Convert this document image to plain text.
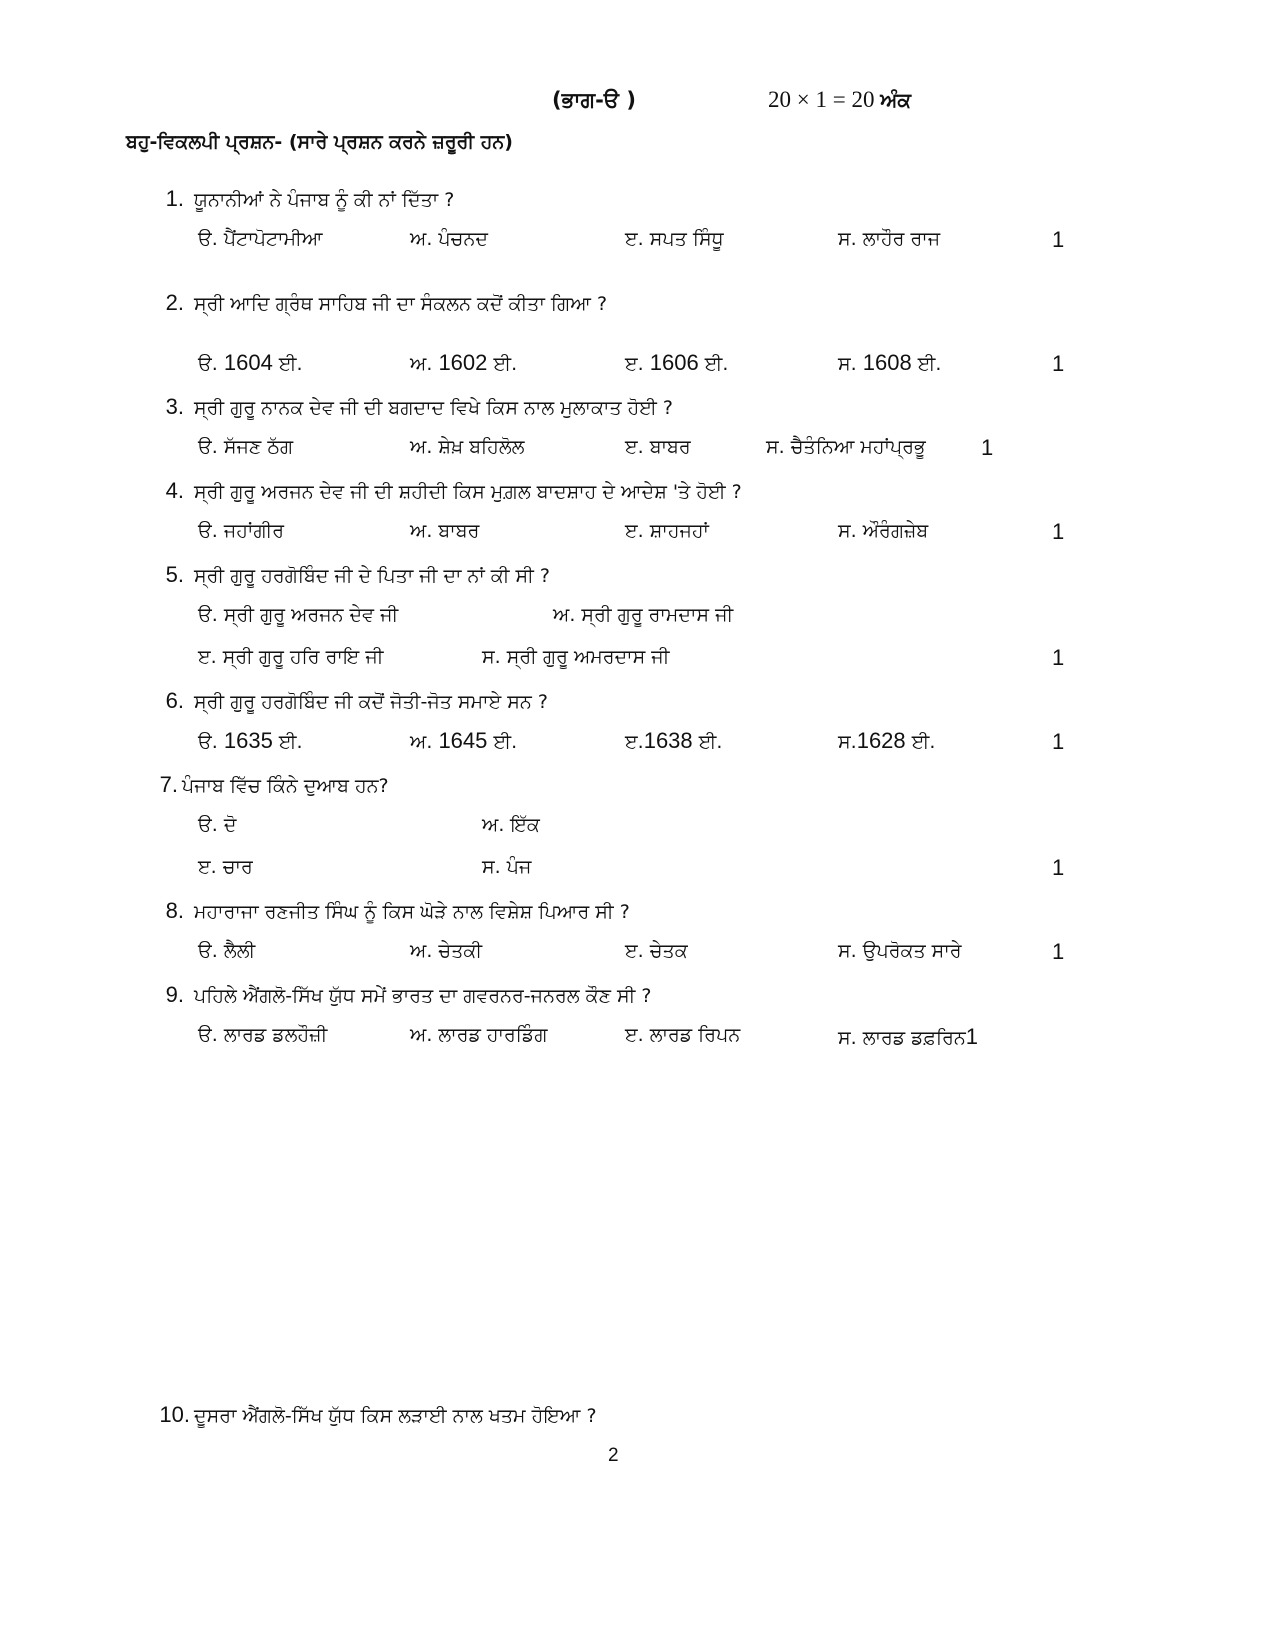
(ਭਾਗ-ੳ )	20 × 1 = 20 ਅੰਕ
ਬਹੁ-ਵਿਕਲਪੀ ਪ੍ਰਸ਼ਨ- (ਸਾਰੇ ਪ੍ਰਸ਼ਨ ਕਰਨੇ ਜ਼ਰੂਰੀ ਹਨ)
1. ਯੂਨਾਨੀਆਂ ਨੇ ਪੰਜਾਬ ਨੂੰ ਕੀ ਨਾਂ ਦਿੱਤਾ ?
ੳ. ਪੈਂਟਾਪੋਟਾਮੀਆ	ਅ. ਪੰਚਨਦ	ੲ. ਸਪਤ ਸਿੰਧੂ	ਸ. ਲਾਹੌਰ ਰਾਜ	1
2. ਸ੍ਰੀ ਆਦਿ ਗ੍ਰੰਥ ਸਾਹਿਬ ਜੀ ਦਾ ਸੰਕਲਨ ਕਦੋਂ ਕੀਤਾ ਗਿਆ ?
ੳ. 1604 ਈ.	ਅ. 1602 ਈ.	ੲ. 1606 ਈ.	ਸ. 1608 ਈ.	1
3. ਸ੍ਰੀ ਗੁਰੂ ਨਾਨਕ ਦੇਵ ਜੀ ਦੀ ਬਗਦਾਦ ਵਿਖੇ ਕਿਸ ਨਾਲ ਮੁਲਾਕਾਤ ਹੋਈ ?
ੳ. ਸੱਜਣ ਠੱਗ	ਅ. ਸ਼ੇਖ਼ ਬਹਿਲੋਲ	ੲ. ਬਾਬਰ	ਸ. ਚੈਤੰਨਿਆ ਮਹਾਂਪ੍ਰਭੂ	1
4. ਸ੍ਰੀ ਗੁਰੂ ਅਰਜਨ ਦੇਵ ਜੀ ਦੀ ਸ਼ਹੀਦੀ ਕਿਸ ਮੁਗ਼ਲ ਬਾਦਸ਼ਾਹ ਦੇ ਆਦੇਸ਼ 'ਤੇ ਹੋਈ ?
ੳ. ਜਹਾਂਗੀਰ	ਅ. ਬਾਬਰ	ੲ. ਸ਼ਾਹਜਹਾਂ	ਸ. ਔਰੰਗਜ਼ੇਬ	1
5. ਸ੍ਰੀ ਗੁਰੂ ਹਰਗੋਬਿੰਦ ਜੀ ਦੇ ਪਿਤਾ ਜੀ ਦਾ ਨਾਂ ਕੀ ਸੀ ?
ੳ. ਸ੍ਰੀ ਗੁਰੂ ਅਰਜਨ ਦੇਵ ਜੀ	ਅ. ਸ੍ਰੀ ਗੁਰੂ ਰਾਮਦਾਸ ਜੀ
ੲ. ਸ੍ਰੀ ਗੁਰੂ ਹਰਿ ਰਾਇ ਜੀ	ਸ. ਸ੍ਰੀ ਗੁਰੂ ਅਮਰਦਾਸ ਜੀ	1
6. ਸ੍ਰੀ ਗੁਰੂ ਹਰਗੋਬਿੰਦ ਜੀ ਕਦੋਂ ਜੋਤੀ-ਜੋਤ ਸਮਾਏ ਸਨ ?
ੳ. 1635 ਈ.	ਅ. 1645 ਈ.	ੲ.1638 ਈ.	ਸ.1628 ਈ.	1
7. ਪੰਜਾਬ ਵਿੱਚ ਕਿੰਨੇ ਦੁਆਬ ਹਨ?
ੳ. ਦੋ	ਅ. ਇੱਕ
ੲ. ਚਾਰ	ਸ. ਪੰਜ	1
8. ਮਹਾਰਾਜਾ ਰਣਜੀਤ ਸਿੰਘ ਨੂੰ ਕਿਸ ਘੋੜੇ ਨਾਲ ਵਿਸ਼ੇਸ਼ ਪਿਆਰ ਸੀ ?
ੳ. ਲੈਲੀ	ਅ. ਚੇਤਕੀ	ੲ. ਚੇਤਕ	ਸ. ਉਪਰੋਕਤ ਸਾਰੇ	1
9. ਪਹਿਲੇ ਐਂਗਲੋ-ਸਿੱਖ ਯੁੱਧ ਸਮੇਂ ਭਾਰਤ ਦਾ ਗਵਰਨਰ-ਜਨਰਲ ਕੌਣ ਸੀ ?
ੳ. ਲਾਰਡ ਡਲਹੌਜ਼ੀ	ਅ. ਲਾਰਡ ਹਾਰਡਿੰਗ	ੲ. ਲਾਰਡ ਰਿਪਨ	ਸ. ਲਾਰਡ ਡਫ਼ਰਿਨ1
10. ਦੂਸਰਾ ਐਂਗਲੋ-ਸਿੱਖ ਯੁੱਧ ਕਿਸ ਲੜਾਈ ਨਾਲ ਖਤਮ ਹੋਇਆ ?
2
